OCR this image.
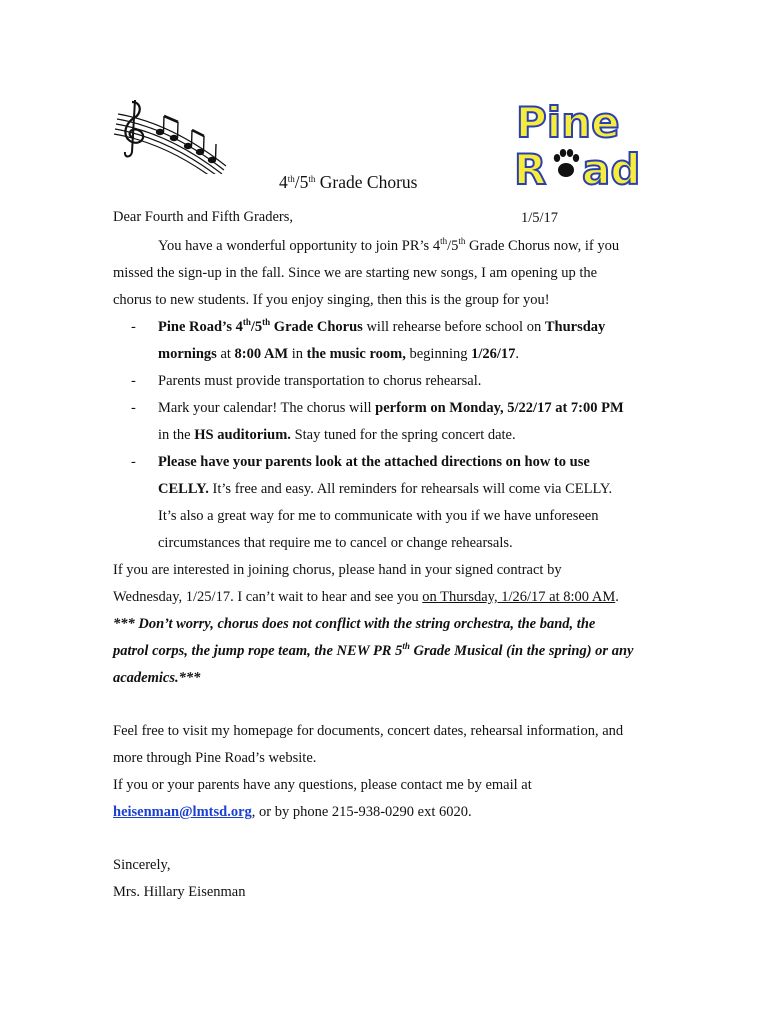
Pine
R ad
4th/5th Grade Chorus
Dear Fourth and Fifth Graders,	1/5/17
You have a wonderful opportunity to join PR’s 4th/5th Grade Chorus now, if you
missed the sign-up in the fall. Since we are starting new songs, I am opening up the
chorus to new students. If you enjoy singing, then this is the group for you!
- Pine Road’s 4th/5th Grade Chorus will rehearse before school on Thursday
mornings at 8:00 AM in the music room, beginning 1/26/17.
- Parents must provide transportation to chorus rehearsal.
- Mark your calendar! The chorus will perform on Monday, 5/22/17 at 7:00 PM
in the HS auditorium. Stay tuned for the spring concert date.
- Please have your parents look at the attached directions on how to use
CELLY. It’s free and easy. All reminders for rehearsals will come via CELLY.
It’s also a great way for me to communicate with you if we have unforeseen
circumstances that require me to cancel or change rehearsals.
If you are interested in joining chorus, please hand in your signed contract by
Wednesday, 1/25/17. I can’t wait to hear and see you on Thursday, 1/26/17 at 8:00 AM.
*** Don’t worry, chorus does not conflict with the string orchestra, the band, the
patrol corps, the jump rope team, the NEW PR 5th Grade Musical (in the spring) or any
academics.***
Feel free to visit my homepage for documents, concert dates, rehearsal information, and
more through Pine Road’s website.
If you or your parents have any questions, please contact me by email at
heisenman@lmtsd.org, or by phone 215-938-0290 ext 6020.
Sincerely,
Mrs. Hillary Eisenman
